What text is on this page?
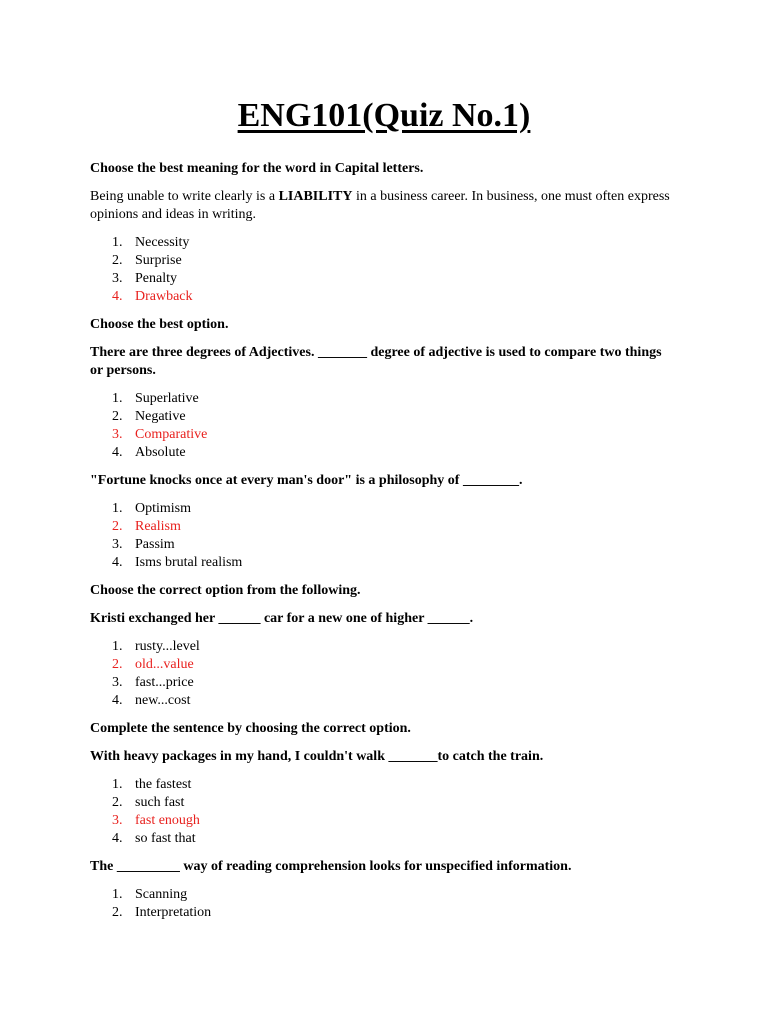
ENG101(Quiz No.1)

Choose the best meaning for the word in Capital letters.

Being unable to write clearly is a LIABILITY in a business career. In business, one must often express opinions and ideas in writing.

1. Necessity
2. Surprise
3. Penalty
4. Drawback

Choose the best option.

There are three degrees of Adjectives. _______ degree of adjective is used to compare two things or persons.

1. Superlative
2. Negative
3. Comparative
4. Absolute

"Fortune knocks once at every man's door" is a philosophy of ________.

1. Optimism
2. Realism
3. Passim
4. Isms brutal realism

Choose the correct option from the following.

Kristi exchanged her ______ car for a new one of higher ______.

1. rusty...level
2. old...value
3. fast...price
4. new...cost

Complete the sentence by choosing the correct option.

With heavy packages in my hand, I couldn't walk _______to catch the train.

1. the fastest
2. such fast
3. fast enough
4. so fast that

The _________ way of reading comprehension looks for unspecified information.

1. Scanning
2. Interpretation
